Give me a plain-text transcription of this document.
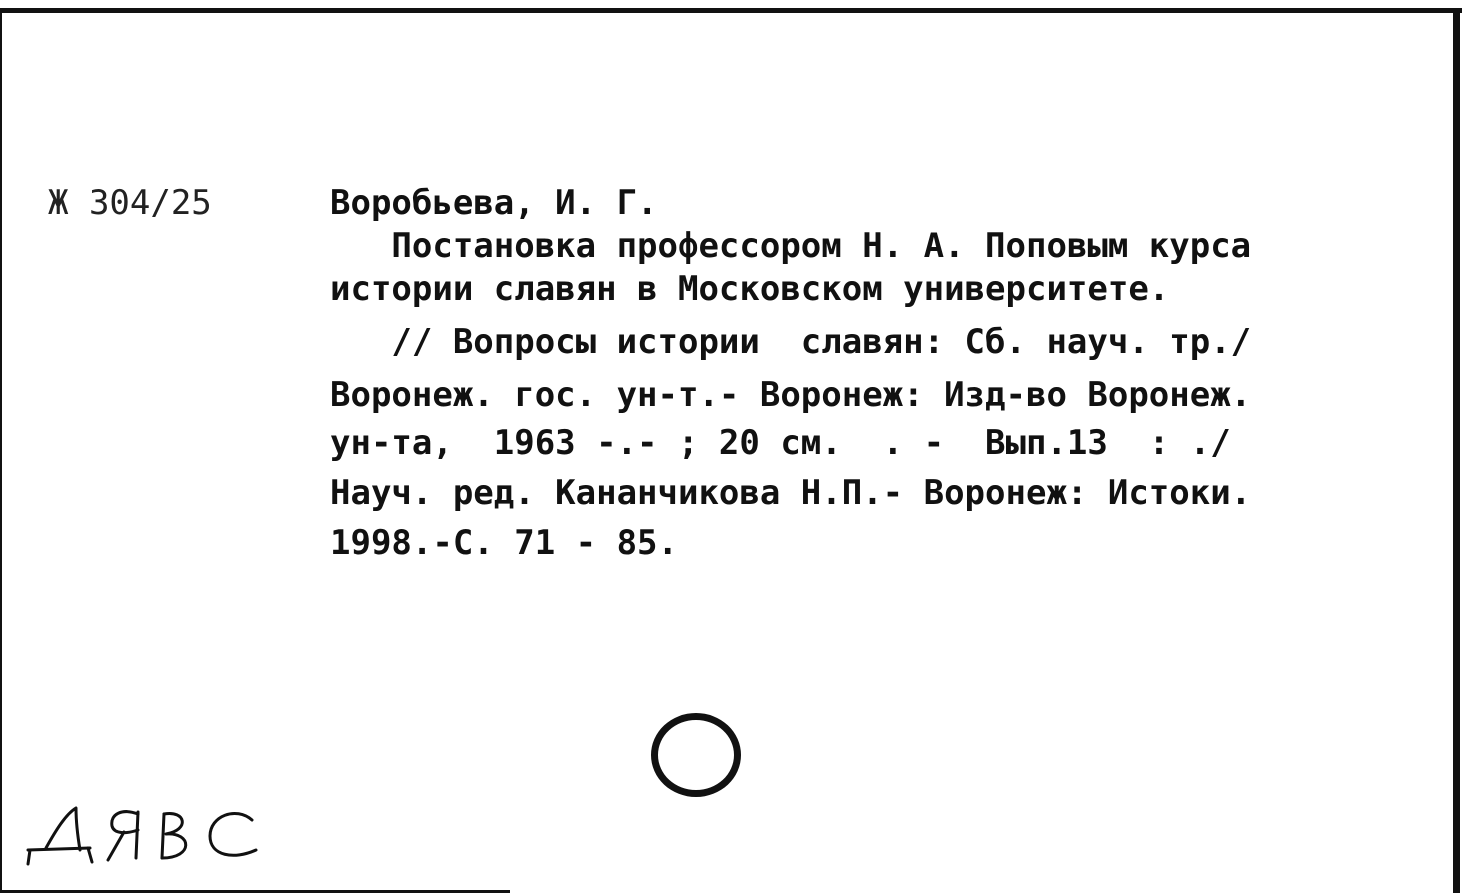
Ж 304/25

	Воробьева, И. Г.

Постановка профессором Н. А. Поповым курса

истории славян в Московском университете.

// Вопросы истории  славян: Сб. науч. тр./

Воронеж. гос. ун-т.- Воронеж: Изд-во Воронеж.

ун-та,  1963 -.- ; 20 см.  . -  Вып.13  : ./

Науч. ред. Кананчикова Н.П.- Воронеж: Истоки.

1998.-С. 71 - 85.
